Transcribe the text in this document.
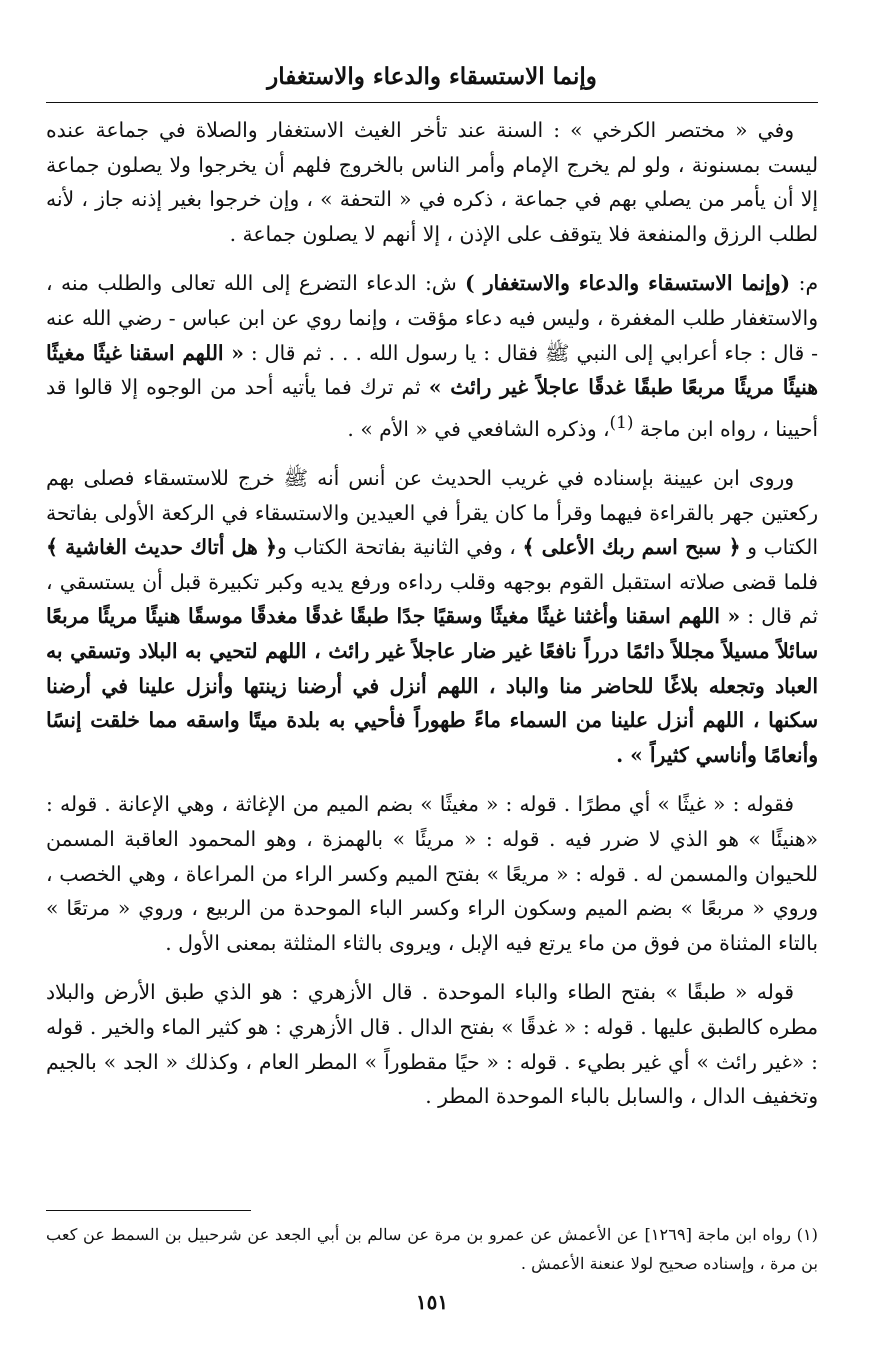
وإنما الاستسقاء والدعاء والاستغفار

وفي « مختصر الكرخي » : السنة عند تأخر الغيث الاستغفار والصلاة في جماعة عنده ليست بمسنونة ، ولو لم يخرج الإمام وأمر الناس بالخروج فلهم أن يخرجوا ولا يصلون جماعة إلا أن يأمر من يصلي بهم في جماعة ، ذكره في « التحفة » ، وإن خرجوا بغير إذنه جاز ، لأنه لطلب الرزق والمنفعة فلا يتوقف على الإذن ، إلا أنهم لا يصلون جماعة .

م: (وإنما الاستسقاء والدعاء والاستغفار ) ش: الدعاء التضرع إلى الله تعالى والطلب منه ، والاستغفار طلب المغفرة ، وليس فيه دعاء مؤقت ، وإنما روي عن ابن عباس - رضي الله عنه - قال : جاء أعرابي إلى النبي ﷺ فقال : يا رسول الله . . . ثم قال : « اللهم اسقنا غيثًا مغيثًا هنيئًا مريئًا مربعًا طبقًا غدقًا عاجلاً غير رائث » ثم ترك فما يأتيه أحد من الوجوه إلا قالوا قد أحيينا ، رواه ابن ماجة $^{(1)}$، وذكره الشافعي في « الأم » .

وروى ابن عيينة بإسناده في غريب الحديث عن أنس أنه ﷺ خرج للاستسقاء فصلى بهم ركعتين جهر بالقراءة فيهما وقرأ ما كان يقرأ في العيدين والاستسقاء في الركعة الأولى بفاتحة الكتاب و ﴿ سبح اسم ربك الأعلى ﴾ ، وفي الثانية بفاتحة الكتاب و﴿ هل أتاك حديث الغاشية ﴾ فلما قضى صلاته استقبل القوم بوجهه وقلب رداءه ورفع يديه وكبر تكبيرة قبل أن يستسقي ، ثم قال : « اللهم اسقنا وأغثنا غيثًا مغيثًا وسقيًا جدًا طبقًا غدقًا مغدقًا موسقًا هنيئًا مريئًا مربعًا سائلاً مسيلاً مجللاً دائمًا درراً نافعًا غير ضار عاجلاً غير رائث ، اللهم لتحيي به البلاد وتسقي به العباد وتجعله بلاغًا للحاضر منا والباد ، اللهم أنزل في أرضنا زينتها وأنزل علينا في أرضنا سكنها ، اللهم أنزل علينا من السماء ماءً طهوراً فأحيي به بلدة ميتًا واسقه مما خلقت إنسًا وأنعامًا وأناسي كثيراً » .

فقوله : « غيثًا » أي مطرًا . قوله : « مغيثًا » بضم الميم من الإغاثة ، وهي الإعانة . قوله : «هنيئًا » هو الذي لا ضرر فيه . قوله : « مريئًا » بالهمزة ، وهو المحمود العاقبة المسمن للحيوان والمسمن له . قوله : « مريعًا » بفتح الميم وكسر الراء من المراعاة ، وهي الخصب ، وروي « مربعًا » بضم الميم وسكون الراء وكسر الباء الموحدة من الربيع ، وروي « مرتعًا » بالتاء المثناة من فوق من ماء يرتع فيه الإبل ، ويروى بالثاء المثلثة بمعنى الأول .

قوله « طبقًا » بفتح الطاء والباء الموحدة . قال الأزهري : هو الذي طبق الأرض والبلاد مطره كالطبق عليها . قوله : « غدقًا » بفتح الدال . قال الأزهري : هو كثير الماء والخير . قوله : «غير رائث » أي غير بطيء . قوله : « حيًا مقطوراً » المطر العام ، وكذلك « الجد » بالجيم وتخفيف الدال ، والسابل بالباء الموحدة المطر .

(١) رواه ابن ماجة [١٢٦٩] عن الأعمش عن عمرو بن مرة عن سالم بن أبي الجعد عن شرحبيل بن السمط عن كعب بن مرة ، وإسناده صحيح لولا عنعنة الأعمش .

١٥١
